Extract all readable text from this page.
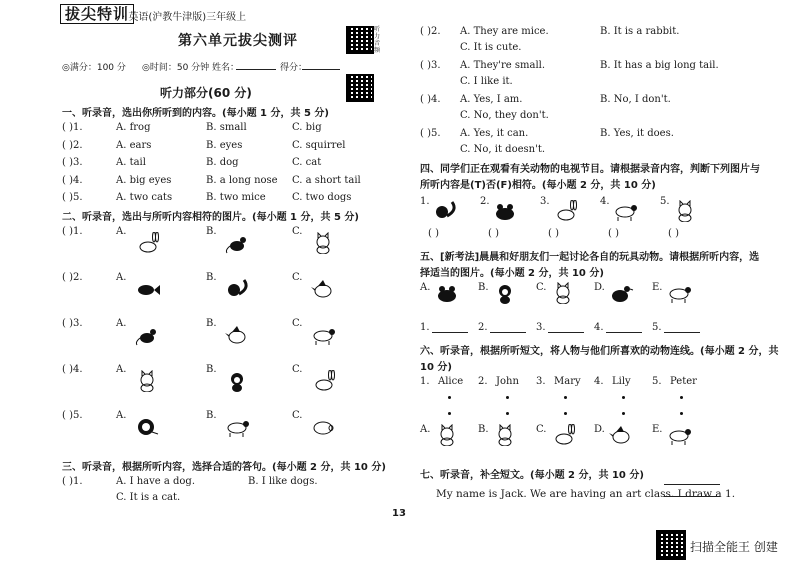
拔尖特训
· 英语(沪教牛津版)三年级上
第六单元拔尖测评
听力音频
◎满分：100 分 ◎时间：50 分钟 姓名：	得分：
听力部分(60 分)
一、听录音，选出你所听到的内容。(每小题 1 分，共 5 分)
( )1.	A. frog	B. small	C. big
( )2.	A. ears	B. eyes	C. squirrel
( )3.	A. tail	B. dog	C. cat
( )4.	A. big eyes	B. a long nose C. a short tail
( )5.	A. two cats	B. two mice	C. two dogs
二、听录音，选出与所听内容相符的图片。(每小题 1 分，共 5 分)
( )1.	A.	B.	C.
( )2.	A.	B.	C.
( )3.	A.	B.	C.
( )4.	A.	B.	C.
( )5.	A.	B.	C.
三、听录音，根据所听内容，选择合适的答句。(每小题 2 分，共 10 分)
( )1.	A. I have a dog.	B. I like dogs.
C. It is a cat.
13
( )2. A. They are mice.	B. It is a rabbit.
C. It is cute.
( )3. A. They're small.	B. It has a big long tail.
C. I like it.
( )4. A. Yes, I am.	B. No, I don't.
C. No, they don't.
( )5. A. Yes, it can.	B. Yes, it does.
C. No, it doesn't.
四、同学们正在观看有关动物的电视节目。请根据录音内容，判断下列图片与
所听内容是(T)否(F)相符。(每小题 2 分，共 10 分)
1.
( )
2.
( )
3.
( )
4.
( )
5.
( )
五、[新考法]晨晨和好朋友们一起讨论各自的玩具动物。请根据所听内容，选
择适当的图片。(每小题 2 分，共 10 分)
A.
1.
B.
2.
C.
3.
D.
4.
E.
5.
六、听录音，根据所听短文，将人物与他们所喜欢的动物连线。(每小题 2 分，共
10 分)
1. Alice
A.
2. John
B.
3. Mary
C.
4. Lily
D.
5. Peter
E.
七、听录音，补全短文。(每小题 2 分，共 10 分)
My name is Jack. We are having an art class. I draw a 1.
扫描全能王 创建
